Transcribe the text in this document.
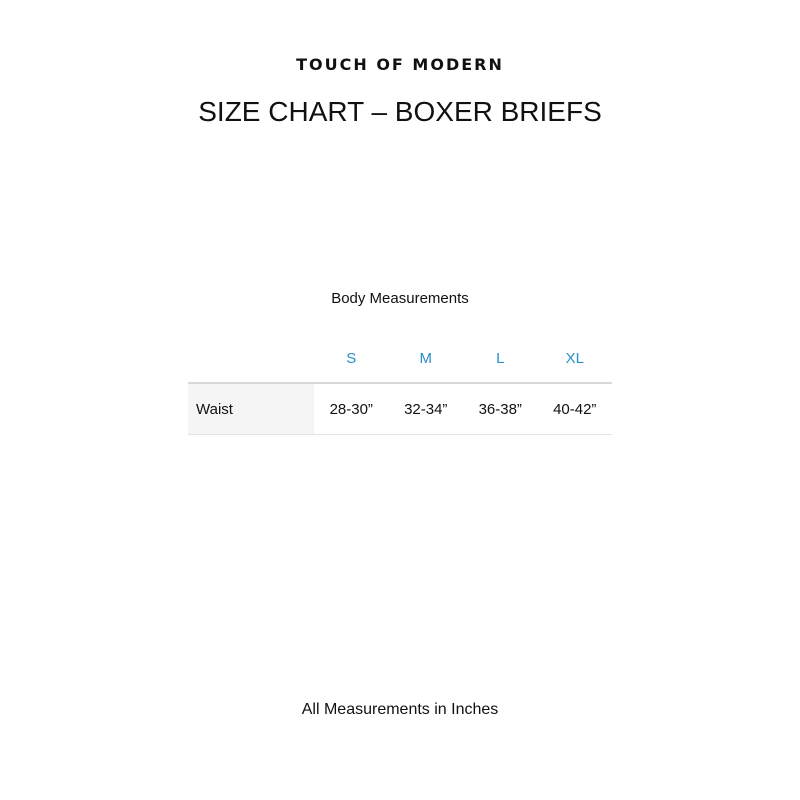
TOUCH OF MODERN
SIZE CHART – BOXER BRIEFS
Body Measurements
	S	M	L	XL
Waist	28-30”	32-34”	36-38”	40-42”
All Measurements in Inches
